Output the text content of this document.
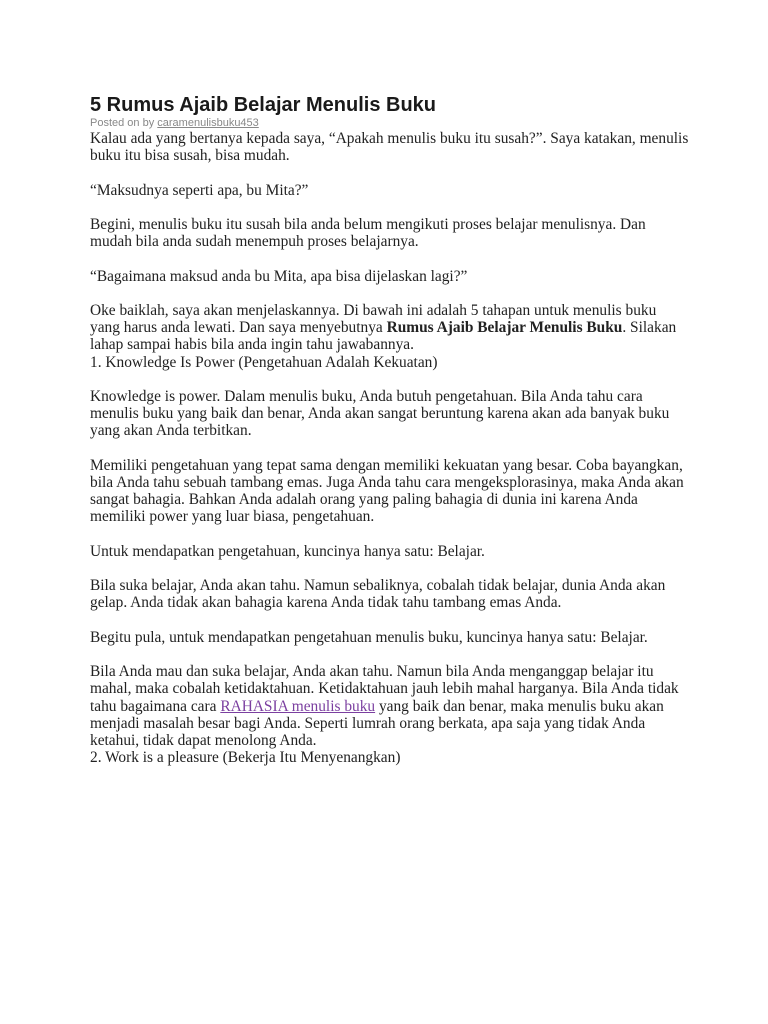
5 Rumus Ajaib Belajar Menulis Buku
Posted on by caramenulisbuku453

Kalau ada yang bertanya kepada saya, “Apakah menulis buku itu susah?”. Saya katakan, menulis buku itu bisa susah, bisa mudah.

“Maksudnya seperti apa, bu Mita?”

Begini, menulis buku itu susah bila anda belum mengikuti proses belajar menulisnya. Dan mudah bila anda sudah menempuh proses belajarnya.

“Bagaimana maksud anda bu Mita, apa bisa dijelaskan lagi?”

Oke baiklah, saya akan menjelaskannya. Di bawah ini adalah 5 tahapan untuk menulis buku yang harus anda lewati. Dan saya menyebutnya Rumus Ajaib Belajar Menulis Buku. Silakan lahap sampai habis bila anda ingin tahu jawabannya.

1. Knowledge Is Power (Pengetahuan Adalah Kekuatan)

Knowledge is power. Dalam menulis buku, Anda butuh pengetahuan. Bila Anda tahu cara menulis buku yang baik dan benar, Anda akan sangat beruntung karena akan ada banyak buku yang akan Anda terbitkan.

Memiliki pengetahuan yang tepat sama dengan memiliki kekuatan yang besar. Coba bayangkan, bila Anda tahu sebuah tambang emas. Juga Anda tahu cara mengeksplorasinya, maka Anda akan sangat bahagia. Bahkan Anda adalah orang yang paling bahagia di dunia ini karena Anda memiliki power yang luar biasa, pengetahuan.

Untuk mendapatkan pengetahuan, kuncinya hanya satu: Belajar.

Bila suka belajar, Anda akan tahu. Namun sebaliknya, cobalah tidak belajar, dunia Anda akan gelap. Anda tidak akan bahagia karena Anda tidak tahu tambang emas Anda.

Begitu pula, untuk mendapatkan pengetahuan menulis buku, kuncinya hanya satu: Belajar.

Bila Anda mau dan suka belajar, Anda akan tahu. Namun bila Anda menganggap belajar itu mahal, maka cobalah ketidaktahuan. Ketidaktahuan jauh lebih mahal harganya. Bila Anda tidak tahu bagaimana cara RAHASIA menulis buku yang baik dan benar, maka menulis buku akan menjadi masalah besar bagi Anda. Seperti lumrah orang berkata, apa saja yang tidak Anda ketahui, tidak dapat menolong Anda.

2. Work is a pleasure (Bekerja Itu Menyenangkan)
